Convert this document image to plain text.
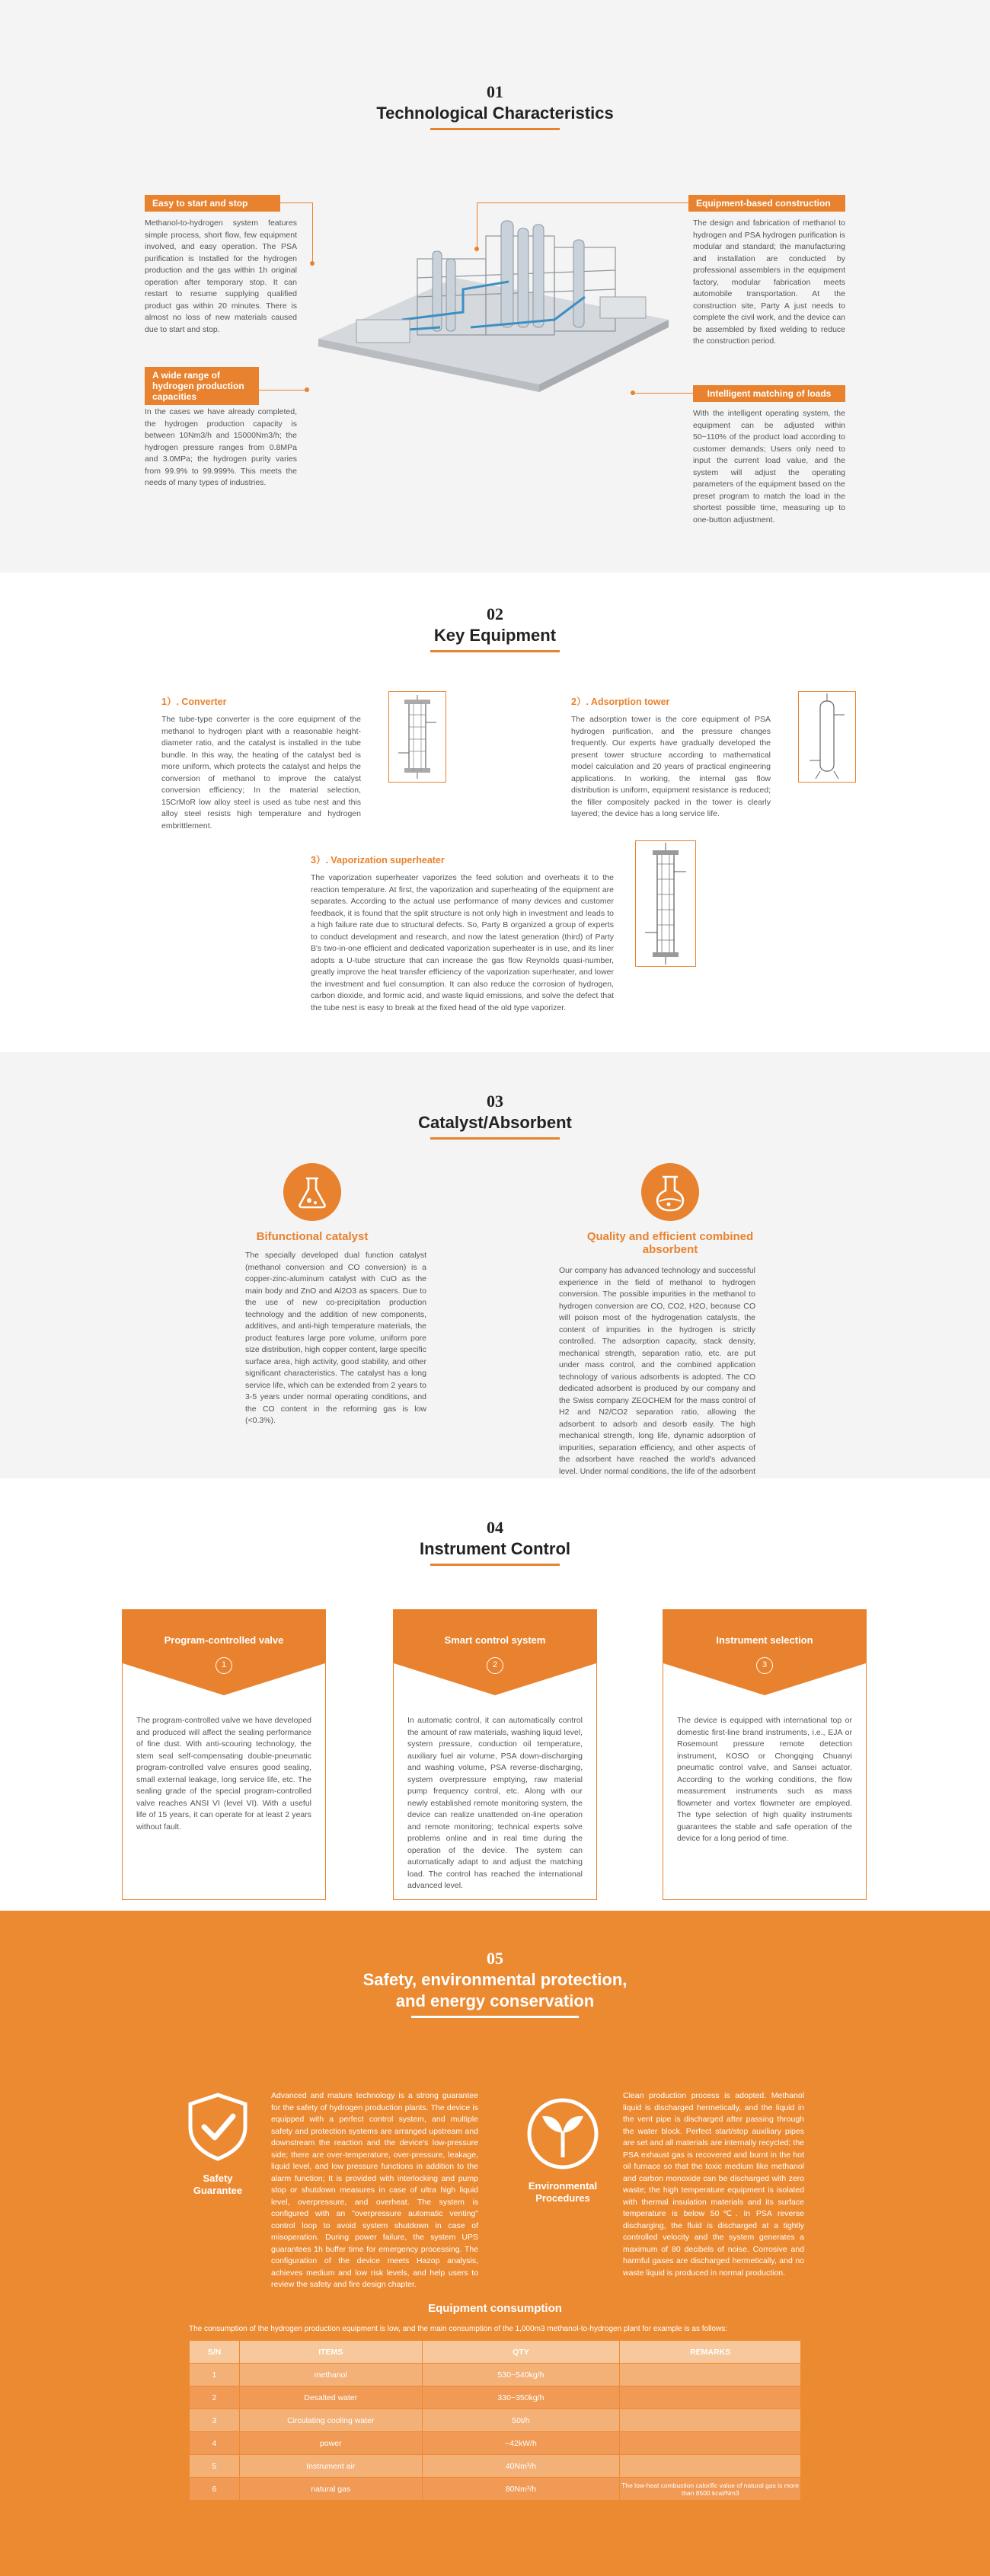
01
Technological Characteristics
Easy to start and stop

Methanol-to-hydrogen system features simple process, short flow, few equipment involved, and easy operation. The PSA purification is Installed for the hydrogen production and the gas within 1h original operation after temporary stop. It can restart to resume supplying qualified product gas within 20 minutes. There is almost no loss of new materials caused due to start and stop.

A wide range of hydrogen production capacities

In the cases we have already completed, the hydrogen production capacity is between 10Nm3/h and 15000Nm3/h; the hydrogen pressure ranges from 0.8MPa and 3.0MPa; the hydrogen purity varies from 99.9% to 99.999%. This meets the needs of many types of industries.

Equipment-based construction

The design and fabrication of methanol to hydrogen and PSA hydrogen purification is modular and standard; the manufacturing and installation are conducted by professional assemblers in the equipment factory, modular fabrication meets automobile transportation. At the construction site, Party A just needs to complete the civil work, and the device can be assembled by fixed welding to reduce the construction period.

Intelligent matching of loads

With the intelligent operating system, the equipment can be adjusted within 50~110% of the product load according to customer demands; Users only need to input the current load value, and the system will adjust the operating parameters of the equipment based on the preset program to match the load in the shortest possible time, measuring up to one-button adjustment.

02
Key Equipment
1）. Converter

The tube-type converter is the core equipment of the methanol to hydrogen plant with a reasonable height-diameter ratio, and the catalyst is installed in the tube bundle. In this way, the heating of the catalyst bed is more uniform, which protects the catalyst and helps the conversion of methanol to improve the catalyst conversion efficiency; In the material selection, 15CrMoR low alloy steel is used as tube nest and this alloy steel resists high temperature and hydrogen embrittlement.

2）. Adsorption tower

The adsorption tower is the core equipment of PSA hydrogen purification, and the pressure changes frequently. Our experts have gradually developed the present tower structure according to mathematical model calculation and 20 years of practical engineering applications. In working, the internal gas flow distribution is uniform, equipment resistance is reduced; the filler compositely packed in the tower is clearly layered; the device has a long service life.

3）. Vaporization superheater

The vaporization superheater vaporizes the feed solution and overheats it to the reaction temperature. At first, the vaporization and superheating of the equipment are separates. According to the actual use performance of many devices and customer feedback, it is found that the split structure is not only high in investment and leads to a high failure rate due to structural defects. So, Party B organized a group of experts to conduct development and research, and now the latest generation (third) of Party B's two-in-one efficient and dedicated vaporization superheater is in use, and its liner adopts a U-tube structure that can increase the gas flow Reynolds quasi-number, greatly improve the heat transfer efficiency of the vaporization superheater, and lower the investment and fuel consumption. It can also reduce the corrosion of hydrogen, carbon dioxide, and formic acid, and waste liquid emissions, and solve the defect that the tube nest is easy to break at the fixed head of the old type vaporizer.

03
Catalyst/Absorbent
Bifunctional catalyst

The specially developed dual function catalyst (methanol conversion and CO conversion) is a copper-zinc-aluminum catalyst with CuO as the main body and ZnO and Al2O3 as spacers. Due to the use of new co-precipitation production technology and the addition of new components, additives, and anti-high temperature materials, the product features large pore volume, uniform pore size distribution, high copper content, large specific surface area, high activity, good stability, and other significant characteristics. The catalyst has a long service life, which can be extended from 2 years to 3-5 years under normal operating conditions, and the CO content in the reforming gas is low (<0.3%).

Quality and efficient combined absorbent

Our company has advanced technology and successful experience in the field of methanol to hydrogen conversion. The possible impurities in the methanol to hydrogen conversion are CO, CO2, H2O, because CO will poison most of the hydrogenation catalysts, the content of impurities in the hydrogen is strictly controlled. The adsorption capacity, stack density, mechanical strength, separation ratio, etc. are put under mass control, and the combined application technology of various adsorbents is adopted. The CO dedicated adsorbent is produced by our company and the Swiss company ZEOCHEM for the mass control of H2 and N2/CO2 separation ratio, allowing the adsorbent to adsorb and desorb easily. The high mechanical strength, long life, dynamic adsorption of impurities, separation efficiency, and other aspects of the adsorbent have reached the world's advanced level. Under normal conditions, the life of the adsorbent

04
Instrument Control
Program-controlled valve
1

The program-controlled valve we have developed and produced will affect the sealing performance of fine dust. With anti-scouring technology, the stem seal self-compensating double-pneumatic program-controlled valve ensures good sealing, small external leakage, long service life, etc. The sealing grade of the special program-controlled valve reaches ANSI VI (level VI). With a useful life of 15 years, it can operate for at least 2 years without fault.

Smart control system
2

In automatic control, it can automatically control the amount of raw materials, washing liquid level, system pressure, conduction oil temperature, auxiliary fuel air volume, PSA down-discharging and washing volume, PSA reverse-discharging, system overpressure emptying, raw material pump frequency control, etc. Along with our newly established remote monitoring system, the device can realize unattended on-line operation and remote monitoring; technical experts solve problems online and in real time during the operation of the device. The system can automatically adapt to and adjust the matching load. The control has reached the international advanced level.

Instrument selection
3

The device is equipped with international top or domestic first-line brand instruments, i.e., EJA or Rosemount pressure remote detection instrument, KOSO or Chongqing Chuanyi pneumatic control valve, and Sansei actuator. According to the working conditions, the flow measurement instruments such as mass flowmeter and vortex flowmeter are employed. The type selection of high quality instruments guarantees the stable and safe operation of the device for a long period of time.

05
Safety, environmental protection,
and energy conservation
Safety
Guarantee

Advanced and mature technology is a strong guarantee for the safety of hydrogen production plants. The device is equipped with a perfect control system, and multiple safety and protection systems are arranged upstream and downstream the reaction and the device's low-pressure side; there are over-temperature, over-pressure, leakage, liquid level, and low pressure functions in addition to the alarm function; It is provided with interlocking and pump stop or shutdown measures in case of ultra high liquid level, overpressure, and overheat. The system is configured with an "overpressure automatic venting" control loop to avoid system shutdown in case of misoperation. During power failure, the system UPS guarantees 1h buffer time for emergency processing. The configuration of the device meets Hazop analysis, achieves medium and low risk levels, and help users to review the safety and fire design chapter.

Environmental
Procedures

Clean production process is adopted. Methanol liquid is discharged hermetically, and the liquid in the vent pipe is discharged after passing through the water block. Perfect start/stop auxiliary pipes are set and all materials are internally recycled; the PSA exhaust gas is recovered and burnt in the hot oil furnace so that the toxic medium like methanol and carbon monoxide can be discharged with zero waste; the high temperature equipment is isolated with thermal insulation materials and its surface temperature is below 50℃. In PSA reverse discharging, the fluid is discharged at a tightly controlled velocity and the system generates a maximum of 80 decibels of noise. Corrosive and harmful gases are discharged hermetically, and no waste liquid is produced in normal production.

Equipment consumption
The consumption of the hydrogen production equipment is low, and the main consumption of the 1,000m3 methanol-to-hydrogen plant for example is as follows:
S/N	ITEMS	QTY	REMARKS
1	methanol	530~540kg/h	
2	Desalted water	330~350kg/h	
3	Circulating cooling water	50t/h	
4	power	~42kW/h	
5	Instrument air	40Nm³/h	
6	natural gas	80Nm³/h	The low-heat combustion calorific value of natural gas is more than 8500 kcal/Nm3
